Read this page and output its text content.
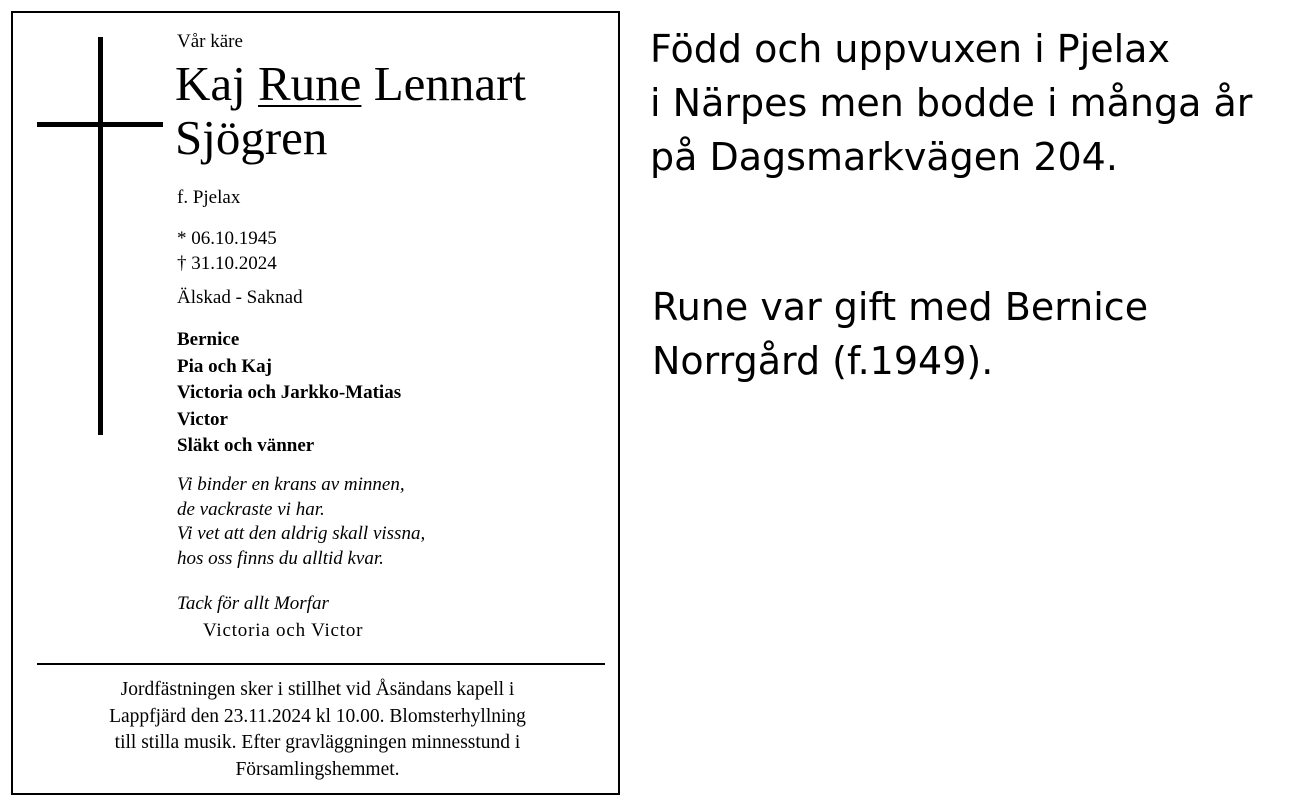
Vår käre
Kaj Rune Lennart
Sjögren
f. Pjelax
* 06.10.1945
† 31.10.2024
Älskad - Saknad
Bernice
Pia och Kaj
Victoria och Jarkko-Matias
Victor
Släkt och vänner
Vi binder en krans av minnen,
de vackraste vi har.
Vi vet att den aldrig skall vissna,
hos oss finns du alltid kvar.
Tack för allt Morfar
Victoria och Victor
Jordfästningen sker i stillhet vid Åsändans kapell i
Lappfjärd den 23.11.2024 kl 10.00. Blomsterhyllning
till stilla musik. Efter gravläggningen minnesstund i
Församlingshemmet.
Född och uppvuxen i Pjelax
i Närpes men bodde i många år
på Dagsmarkvägen 204.
Rune var gift med Bernice
Norrgård (f.1949).
